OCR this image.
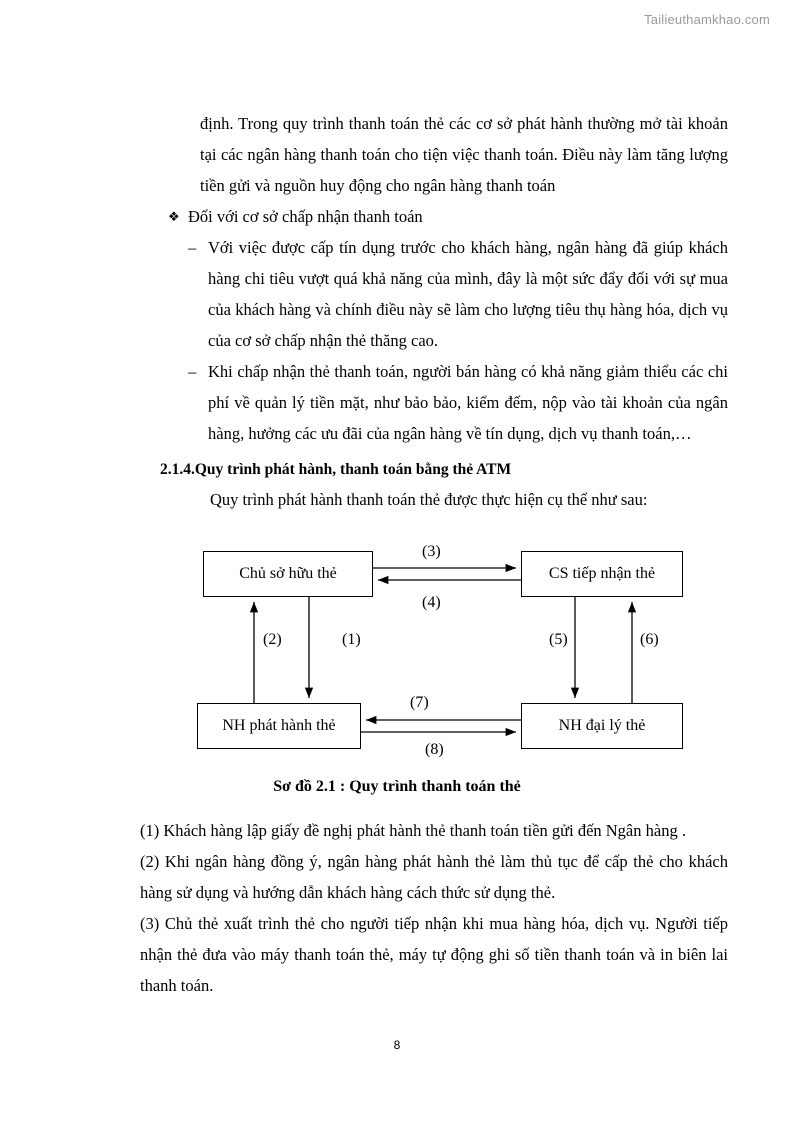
Tailieuthamkhao.com

định. Trong quy trình thanh toán thẻ các cơ sở phát hành thường mở tài khoản tại các ngân hàng thanh toán cho tiện việc thanh toán. Điều này làm tăng lượng tiền gửi và nguồn huy động cho ngân hàng thanh toán

❖ Đối với cơ sở chấp nhận thanh toán
– Với việc được cấp tín dụng trước cho khách hàng, ngân hàng đã giúp khách hàng chi tiêu vượt quá khả năng của mình, đây là một sức đẩy đối với sự mua của khách hàng và chính điều này sẽ làm cho lượng tiêu thụ hàng hóa, dịch vụ của cơ sở chấp nhận thẻ thăng cao.
– Khi chấp nhận thẻ thanh toán, người bán hàng có khả năng giảm thiểu các chi phí về quản lý tiền mặt, như bảo bảo, kiểm đếm, nộp vào tài khoản của ngân hàng, hưởng các ưu đãi của ngân hàng về tín dụng, dịch vụ thanh toán,…
2.1.4.Quy trình phát hành, thanh toán bằng thẻ ATM

Quy trình phát hành thanh toán thẻ được thực hiện cụ thể như sau:

Chủ sở hữu thẻ	CS tiếp nhận thẻ
NH phát hành thẻ	NH đại lý thẻ
(3)
(4)
(2)	(1)	(5)	(6)
(7)
(8)
Sơ đồ 2.1 : Quy trình thanh toán thẻ

(1) Khách hàng lập giấy đề nghị phát hành thẻ thanh toán tiền gửi đến Ngân hàng .

(2) Khi ngân hàng đồng ý, ngân hàng phát hành thẻ làm thủ tục để cấp thẻ cho khách hàng sử dụng và hướng dẫn khách hàng cách thức sử dụng thẻ.

(3) Chủ thẻ xuất trình thẻ cho người tiếp nhận khi mua hàng hóa, dịch vụ. Người tiếp nhận thẻ đưa vào máy thanh toán thẻ, máy tự động ghi số tiền thanh toán và in biên lai thanh toán.

8
